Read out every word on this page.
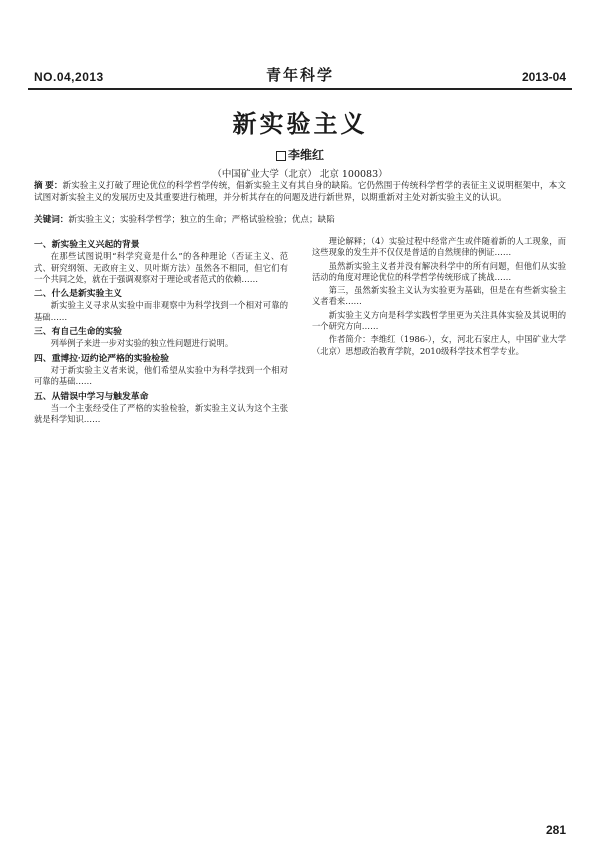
NO.04,2013	青年科学	2013-04
新实验主义
李维红
（中国矿业大学（北京） 北京 100083）
摘 要：新实验主义打破了理论优位的科学哲学传统，倡新实验主义有其自身的缺陷。它仍然围于传统科学哲学的表征主义说明框架中，本文试图对新实验主义的发展历史及其重要进行梳理，并分析其存在的问题及进行新世界，以期重新对主处对新实验主义的认识。
关键词：新实验主义；实验科学哲学；独立的生命；严格试验检验；优点；缺陷
一、新实验主义兴起的背景

在那些试图说明“科学究竟是什么”的各种理论（否证主义、范式、研究纲领、无政府主义、贝叶斯方法）虽然各不相同，但它们有一个共同之处，就在于强调观察对于理论或者范式的依赖……

二、什么是新实验主义

新实验主义寻求从实验中而非观察中为科学找到一个相对可靠的基础……

三、有自己生命的实验

列举例子来进一步对实验的独立性问题进行说明。

四、重博拉·迈约论严格的实验检验

对于新实验主义者来说，他们希望从实验中为科学找到一个相对可靠的基础……

五、从错误中学习与触发革命

当一个主张经受住了严格的实验检验，新实验主义认为这个主张就是科学知识……

理论解释；（4）实验过程中经常产生或伴随着新的人工现象，而这些现象的发生并不仅仅是普适的自然规律的例证……

虽然新实验主义者并没有解决科学中的所有问题，但他们从实验活动的角度对理论优位的科学哲学传统形成了挑战……

第三，虽然新实验主义认为实验更为基础，但是在有些新实验主义者看来……

新实验主义方向是科学实践哲学里更为关注具体实验及其说明的一个研究方向……

作者简介：李维红（1986-），女，河北石家庄人，中国矿业大学（北京）思想政治教育学院，2010级科学技术哲学专业。

281
